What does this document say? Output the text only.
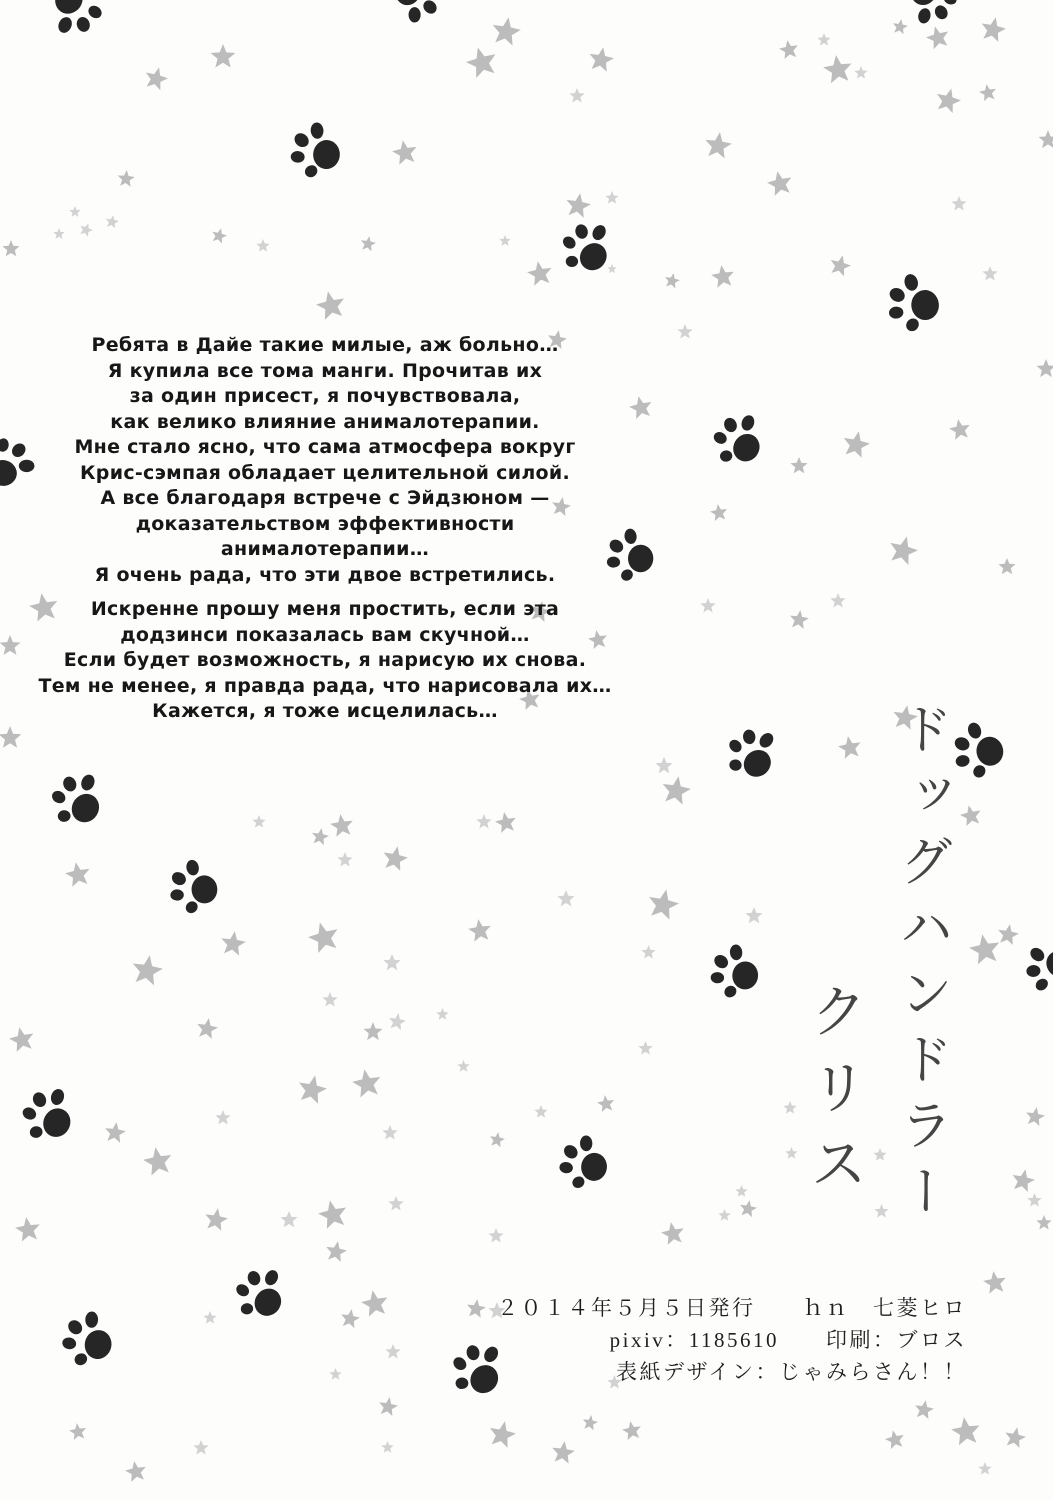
Ребята в Дайе такие милые, аж больно…
Я купила все тома манги. Прочитав их
за один присест, я почувствовала,
как велико влияние анималотерапии.
Мне стало ясно, что сама атмосфера вокруг
Крис-сэмпая обладает целительной силой.
А все благодаря встрече с Эйдзюном —
доказательством эффективности
анималотерапии…
Я очень рада, что эти двое встретились.
Искренне прошу меня простить, если эта
додзинси показалась вам скучной…
Если будет возможность, я нарисую их снова.
Тем не менее, я правда рада, что нарисовала их…
Кажется, я тоже исцелилась…	ドッグハンドラー
クリス
２０１４年５月５日発行　　ｈｎ　七菱ヒロ
pixiv：1185610　　印刷：ブロス
表紙デザイン：じゃみらさん！！
